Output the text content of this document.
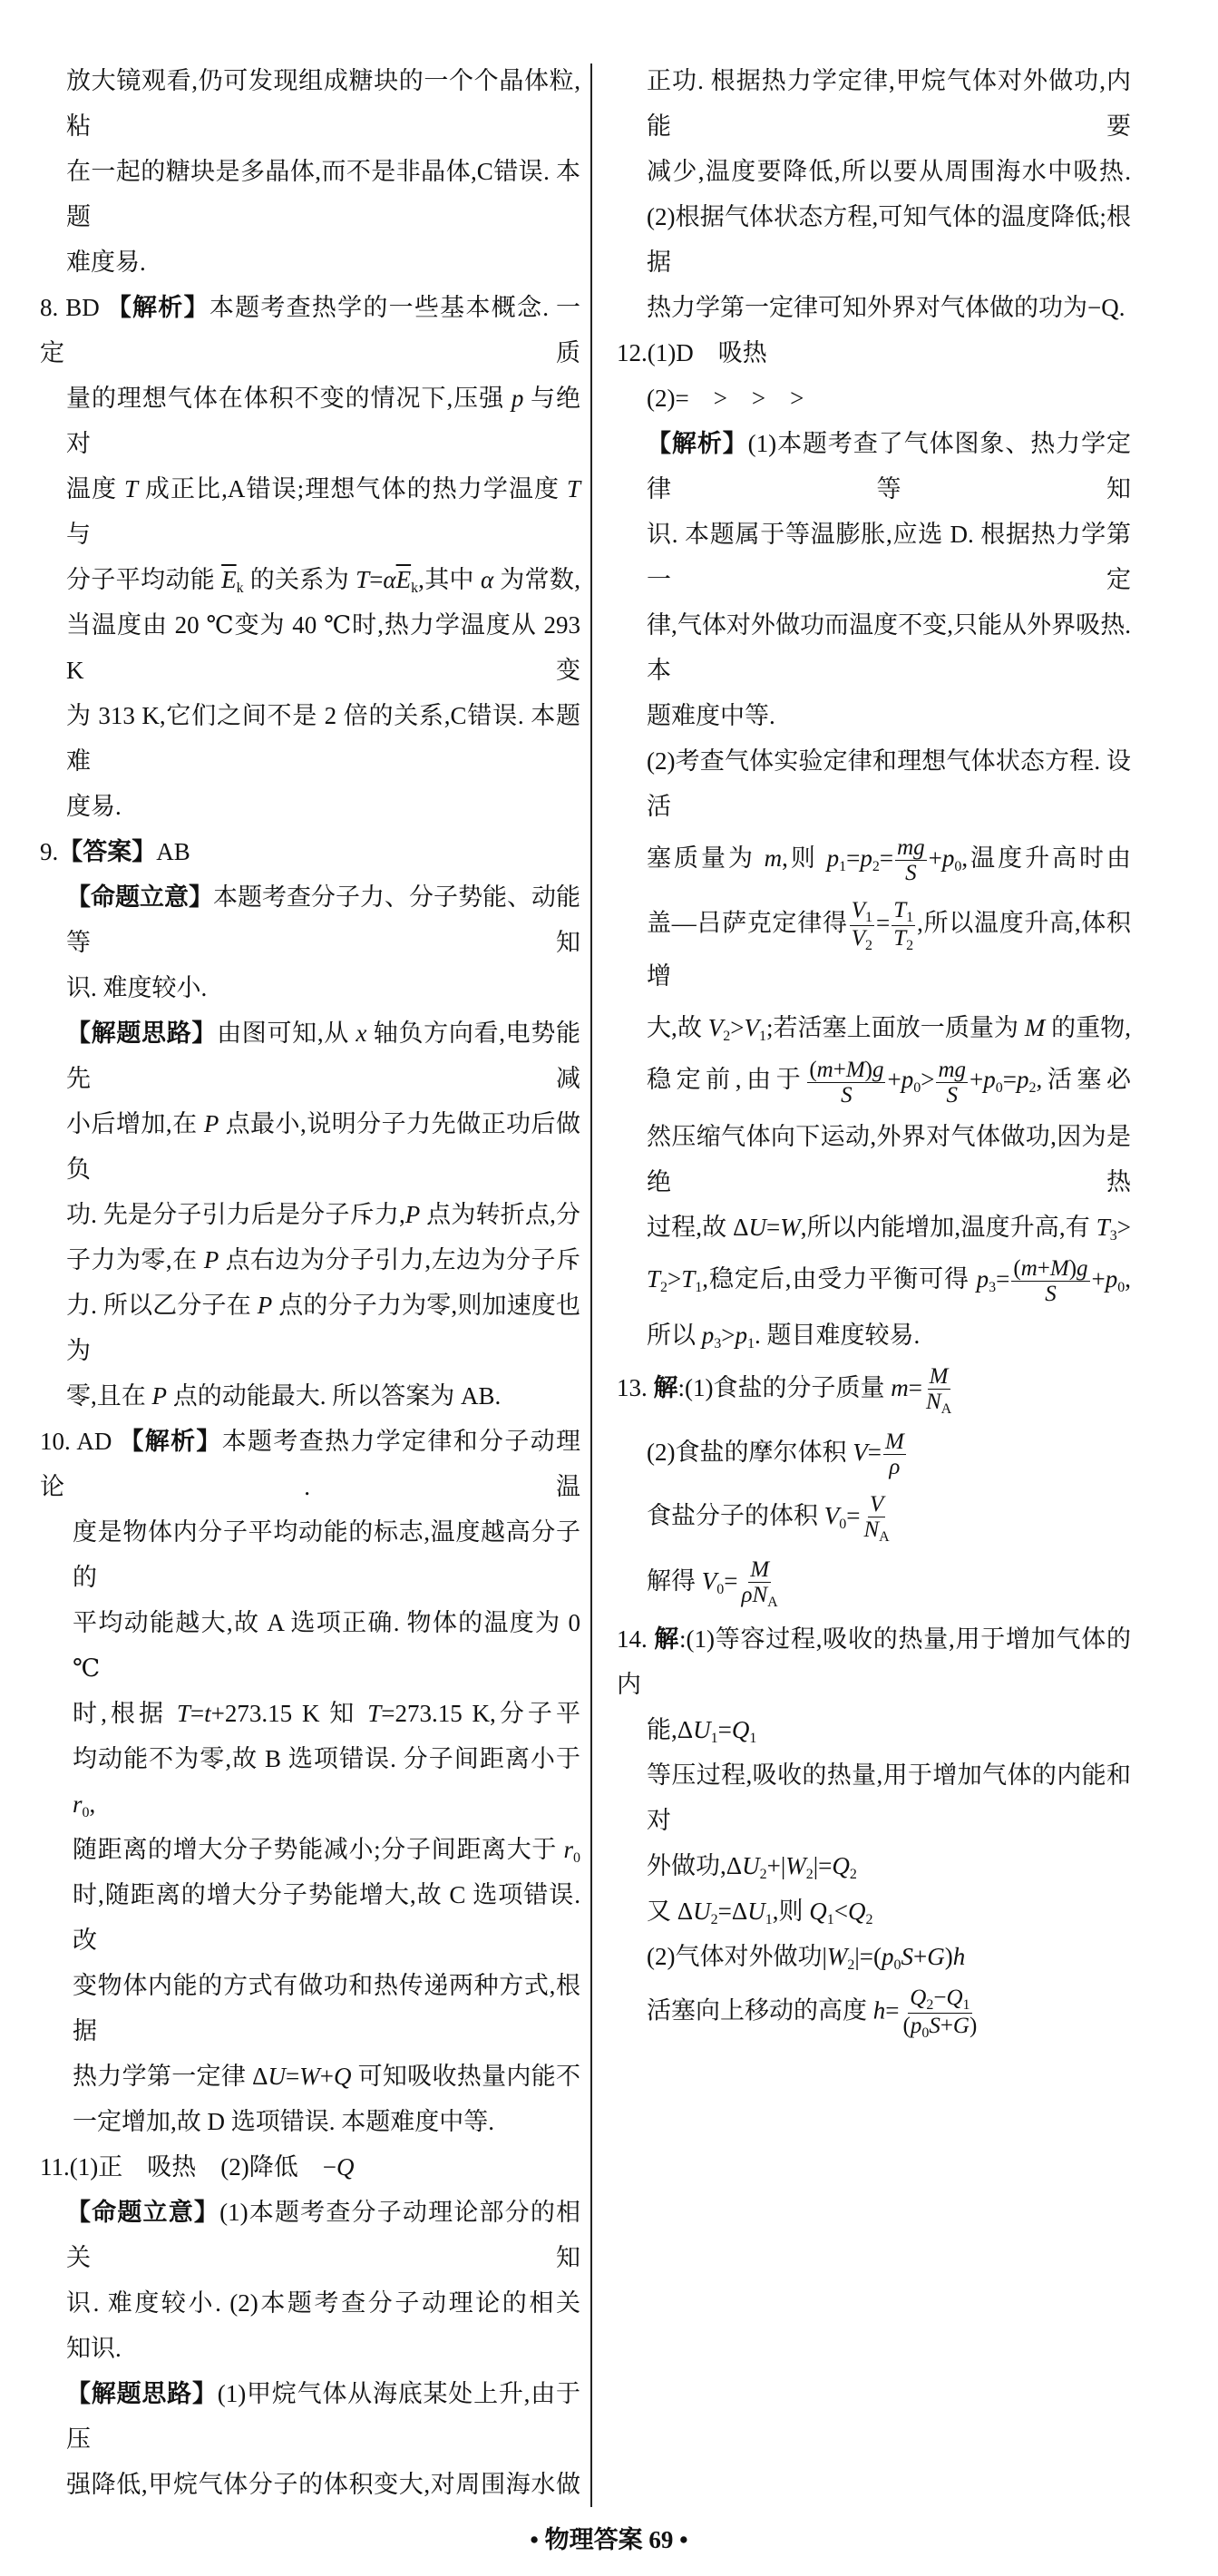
放大镜观看,仍可发现组成糖块的一个个晶体粒,粘
在一起的糖块是多晶体,而不是非晶体,C错误. 本题
难度易.
8. BD 【解析】本题考查热学的一些基本概念. 一定质
量的理想气体在体积不变的情况下,压强 p 与绝对
温度 T 成正比,A错误;理想气体的热力学温度 T 与
分子平均动能 $\overline{E}_k$ 的关系为 $T=\alpha\overline{E}_k$,其中 α 为常数,
当温度由 20 ℃变为 40 ℃时,热力学温度从 293 K 变
为 313 K,它们之间不是 2 倍的关系,C错误. 本题难
度易.
9.【答案】AB
【命题立意】本题考查分子力、分子势能、动能等知
识. 难度较小.
【解题思路】由图可知,从 x 轴负方向看,电势能先减
小后增加,在 P 点最小,说明分子力先做正功后做负
功. 先是分子引力后是分子斥力,P 点为转折点,分
子力为零,在 P 点右边为分子引力,左边为分子斥
力. 所以乙分子在 P 点的分子力为零,则加速度也为
零,且在 P 点的动能最大. 所以答案为 AB.
10. AD 【解析】本题考查热力学定律和分子动理论. 温
度是物体内分子平均动能的标志,温度越高分子的
平均动能越大,故 A 选项正确. 物体的温度为 0 ℃
时,根据 T=t+273.15 K 知 T=273.15 K,分子平
均动能不为零,故 B 选项错误. 分子间距离小于 $r_0$,
随距离的增大分子势能减小;分子间距离大于 $r_0$
时,随距离的增大分子势能增大,故 C 选项错误. 改
变物体内能的方式有做功和热传递两种方式,根据
热力学第一定律 ΔU=W+Q 可知吸收热量内能不
一定增加,故 D 选项错误. 本题难度中等.
11.(1)正　吸热　(2)降低　−Q
【命题立意】(1)本题考查分子动理论部分的相关知
识. 难度较小. (2)本题考查分子动理论的相关
知识.
【解题思路】(1)甲烷气体从海底某处上升,由于压
强降低,甲烷气体分子的体积变大,对周围海水做
正功. 根据热力学定律,甲烷气体对外做功,内能要
减少,温度要降低,所以要从周围海水中吸热.
(2)根据气体状态方程,可知气体的温度降低;根据
热力学第一定律可知外界对气体做的功为−Q.
12.(1)D　吸热
(2)=　>　>　>
【解析】(1)本题考查了气体图象、热力学定律等知
识. 本题属于等温膨胀,应选 D. 根据热力学第一定
律,气体对外做功而温度不变,只能从外界吸热. 本
题难度中等.
(2)考查气体实验定律和理想气体状态方程. 设活
塞质量为 m,则 $p_1=p_2= \frac{mg}{S} +p_0$,温度升高时由
盖—吕萨克定律得 $\frac{V_1}{V_2} = \frac{T_1}{T_2}$ ,所以温度升高,体积增
大,故 $V_2>V_1$;若活塞上面放一质量为 M 的重物,
稳定前,由于 $\frac{(m+M)g}{S} +p_0> \frac{mg}{S} +p_0=p_2$,活塞必
然压缩气体向下运动,外界对气体做功,因为是绝热
过程,故 ΔU=W,所以内能增加,温度升高,有 $T_3>$
$T_2>T_1$,稳定后,由受力平衡可得 $p_3= \frac{(m+M)g}{S} +p_0$,
所以 $p_3>p_1$. 题目难度较易.
13. 解:(1)食盐的分子质量 $m= \frac{M}{N_A}$
(2)食盐的摩尔体积 $V= \frac{M}{\rho}$
食盐分子的体积 $V_0= \frac{V}{N_A}$
解得 $V_0= \frac{M}{\rho N_A}$
14. 解:(1)等容过程,吸收的热量,用于增加气体的内
能$,\Delta U_1=Q_1$
等压过程,吸收的热量,用于增加气体的内能和对
外做功$,\Delta U_2+|W_2|=Q_2$
又 $\Delta U_2=\Delta U_1$,则 $Q_1<Q_2$
(2)气体对外做功$|W_2|=(p_0S+G)h$
活塞向上移动的高度 $h= \frac{Q_2-Q_1}{(p_0S+G)}$
• 物理答案 69 •
